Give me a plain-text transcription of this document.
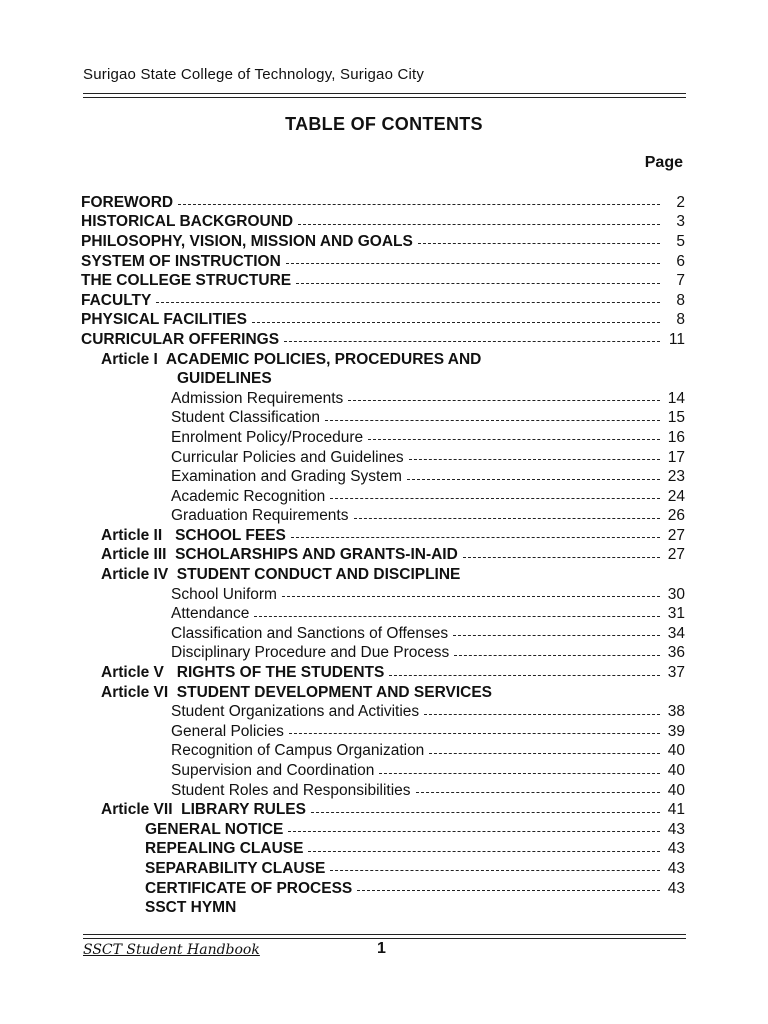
Surigao State College of Technology, Surigao City
TABLE OF CONTENTS
Page
FOREWORD	2
HISTORICAL BACKGROUND	3
PHILOSOPHY, VISION, MISSION AND GOALS	5
SYSTEM OF INSTRUCTION	6
THE COLLEGE STRUCTURE	7
FACULTY	8
PHYSICAL FACILITIES	8
CURRICULAR OFFERINGS	11
Article I  ACADEMIC POLICIES, PROCEDURES AND
GUIDELINES
Admission Requirements	14
Student Classification	15
Enrolment Policy/Procedure	16
Curricular Policies and Guidelines	17
Examination and Grading System	23
Academic Recognition	24
Graduation Requirements	26
Article II   SCHOOL FEES	27
Article III  SCHOLARSHIPS AND GRANTS-IN-AID	27
Article IV  STUDENT CONDUCT AND DISCIPLINE
School Uniform	30
Attendance	31
Classification and Sanctions of Offenses	34
Disciplinary Procedure and Due Process	36
Article V   RIGHTS OF THE STUDENTS	37
Article VI  STUDENT DEVELOPMENT AND SERVICES
Student Organizations and Activities	38
General Policies	39
Recognition of Campus Organization	40
Supervision and Coordination	40
Student Roles and Responsibilities	40
Article VII  LIBRARY RULES	41
GENERAL NOTICE	43
REPEALING CLAUSE	43
SEPARABILITY CLAUSE	43
CERTIFICATE OF PROCESS	43
SSCT HYMN
SSCT Student Handbook	1
